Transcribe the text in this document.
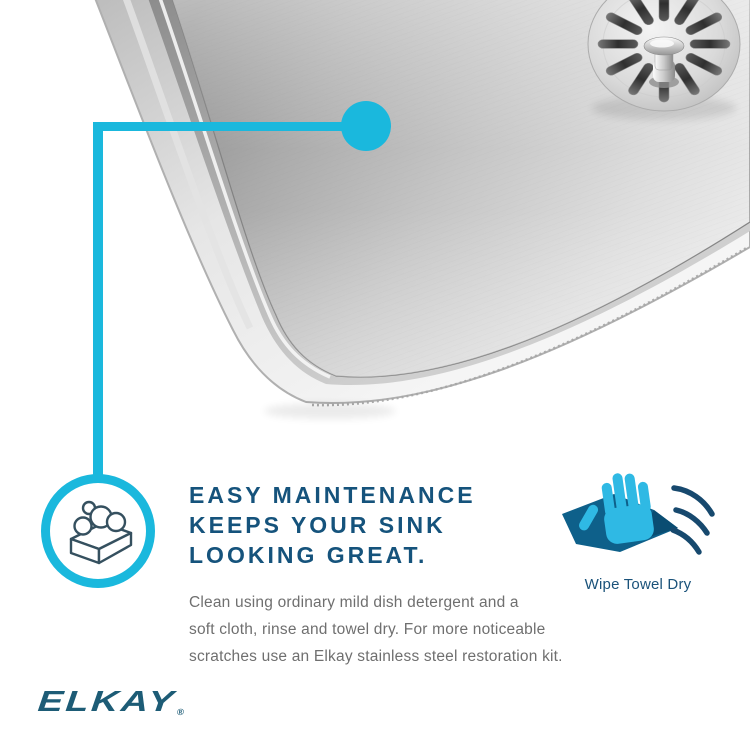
EASY MAINTENANCE
KEEPS YOUR SINK
LOOKING GREAT.
Clean using ordinary mild dish detergent and a
soft cloth, rinse and towel dry. For more noticeable
scratches use an Elkay stainless steel restoration kit.
Wipe Towel Dry
ELKAY®
